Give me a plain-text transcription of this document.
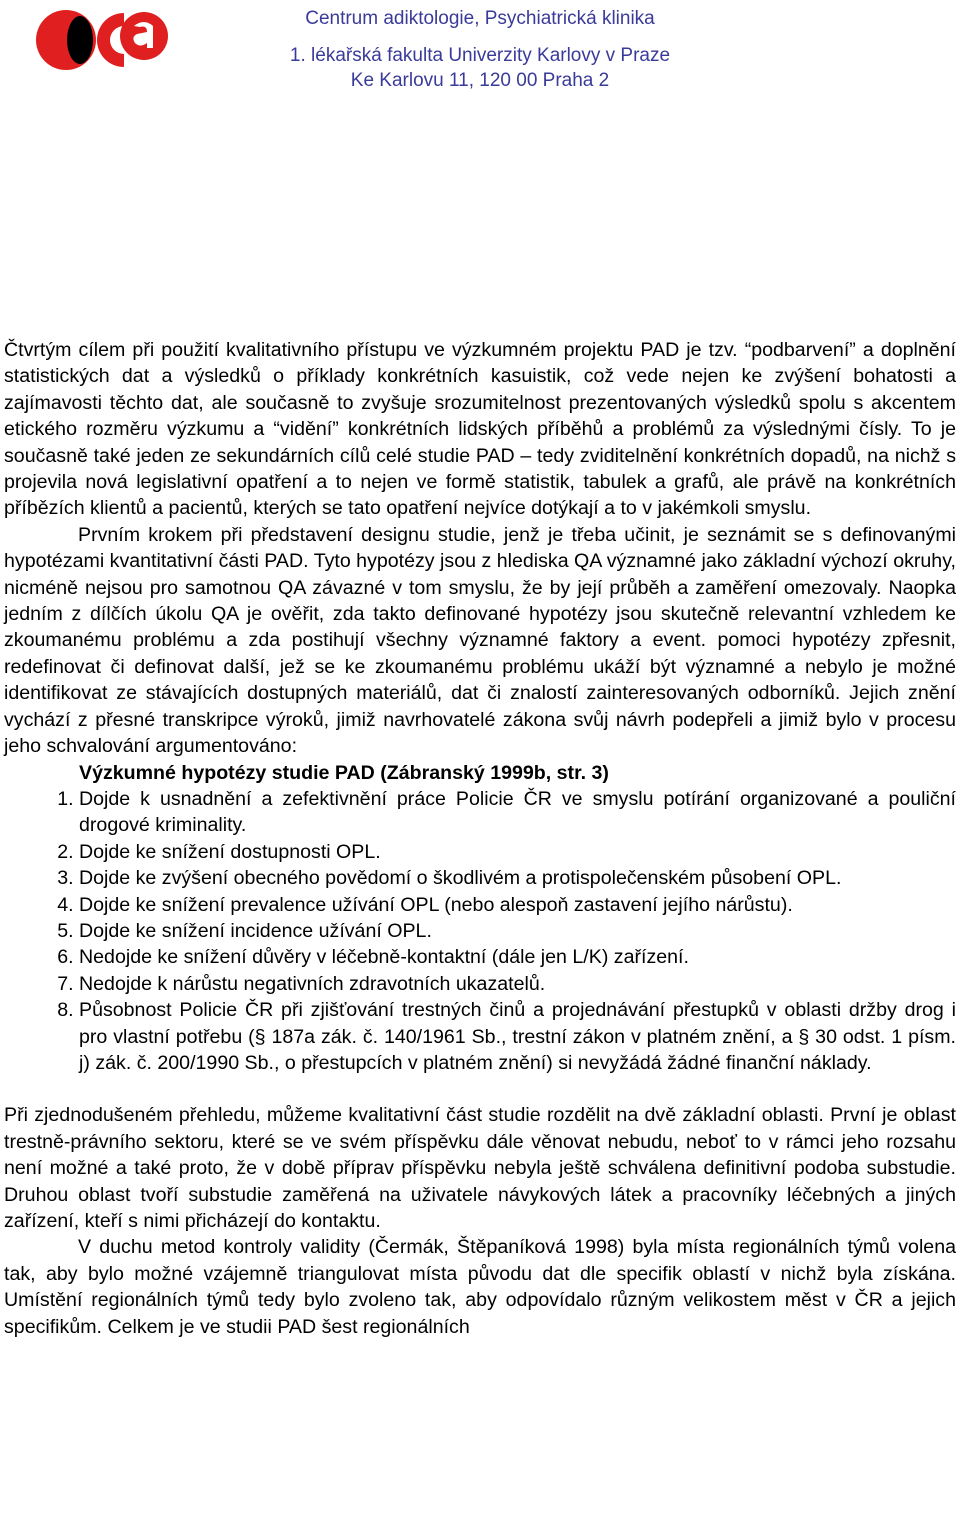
Centrum adiktologie, Psychiatrická klinika
1. lékařská fakulta Univerzity Karlovy v Praze
Ke Karlovu 11, 120 00 Praha 2

Čtvrtým cílem při použití kvalitativního přístupu ve výzkumném projektu PAD je tzv. “podbarvení” a doplnění statistických dat a výsledků o příklady konkrétních kasuistik, což vede nejen ke zvýšení bohatosti a zajímavosti těchto dat, ale současně to zvyšuje srozumitelnost prezentovaných výsledků spolu s akcentem etického rozměru výzkumu a “vidění” konkrétních lidských příběhů a problémů za výslednými čísly. To je současně také jeden ze sekundárních cílů celé studie PAD – tedy zviditelnění konkrétních dopadů, na nichž s projevila nová legislativní opatření a to nejen ve formě statistik, tabulek a grafů, ale právě na konkrétních příbězích klientů a pacientů, kterých se tato opatření nejvíce dotýkají a to v jakémkoli smyslu.

Prvním krokem při představení designu studie, jenž je třeba učinit, je seznámit se s definovanými hypotézami kvantitativní části PAD. Tyto hypotézy jsou z hlediska QA významné jako základní výchozí okruhy, nicméně nejsou pro samotnou QA závazné v tom smyslu, že by její průběh a zaměření omezovaly. Naopka jedním z dílčích úkolu QA je ověřit, zda takto definované hypotézy jsou skutečně relevantní vzhledem ke zkoumanému problému a zda postihují všechny významné faktory a event. pomoci hypotézy zpřesnit, redefinovat či definovat další, jež se ke zkoumanému problému ukáží být významné a nebylo je možné identifikovat ze stávajících dostupných materiálů, dat či znalostí zainteresovaných odborníků. Jejich znění vychází z přesné transkripce výroků, jimiž navrhovatelé zákona svůj návrh podepřeli a jimiž bylo v procesu jeho schvalování argumentováno:

Výzkumné hypotézy studie PAD (Zábranský 1999b, str. 3)

1. Dojde k usnadnění a zefektivnění práce Policie ČR ve smyslu potírání organizované a pouliční drogové kriminality.
2. Dojde ke snížení dostupnosti OPL.
3. Dojde ke zvýšení obecného povědomí o škodlivém a protispolečenském působení OPL.
4. Dojde ke snížení prevalence užívání OPL (nebo alespoň zastavení jejího nárůstu).
5. Dojde ke snížení incidence užívání OPL.
6. Nedojde ke snížení důvěry v léčebně-kontaktní (dále jen L/K) zařízení.
7. Nedojde k nárůstu negativních zdravotních ukazatelů.
8. Působnost Policie ČR při zjišťování trestných činů a projednávání přestupků v oblasti držby drog i pro vlastní potřebu (§ 187a zák. č. 140/1961 Sb., trestní zákon v platném znění, a § 30 odst. 1 písm. j) zák. č. 200/1990 Sb., o přestupcích v platném znění) si nevyžádá žádné finanční náklady.

Při zjednodušeném přehledu, můžeme kvalitativní část studie rozdělit na dvě základní oblasti. První je oblast trestně-právního sektoru, které se ve svém příspěvku dále věnovat nebudu, neboť to v rámci jeho rozsahu není možné a také proto, že v době příprav příspěvku nebyla ještě schválena definitivní podoba substudie. Druhou oblast tvoří substudie zaměřená na uživatele návykových látek a pracovníky léčebných a jiných zařízení, kteří s nimi přicházejí do kontaktu.

V duchu metod kontroly validity (Čermák, Štěpaníková 1998) byla místa regionálních týmů volena tak, aby bylo možné vzájemně triangulovat místa původu dat dle specifik oblastí v nichž byla získána. Umístění regionálních týmů tedy bylo zvoleno tak, aby odpovídalo různým velikostem měst v ČR a jejich specifikům. Celkem je ve studii PAD šest regionálních
